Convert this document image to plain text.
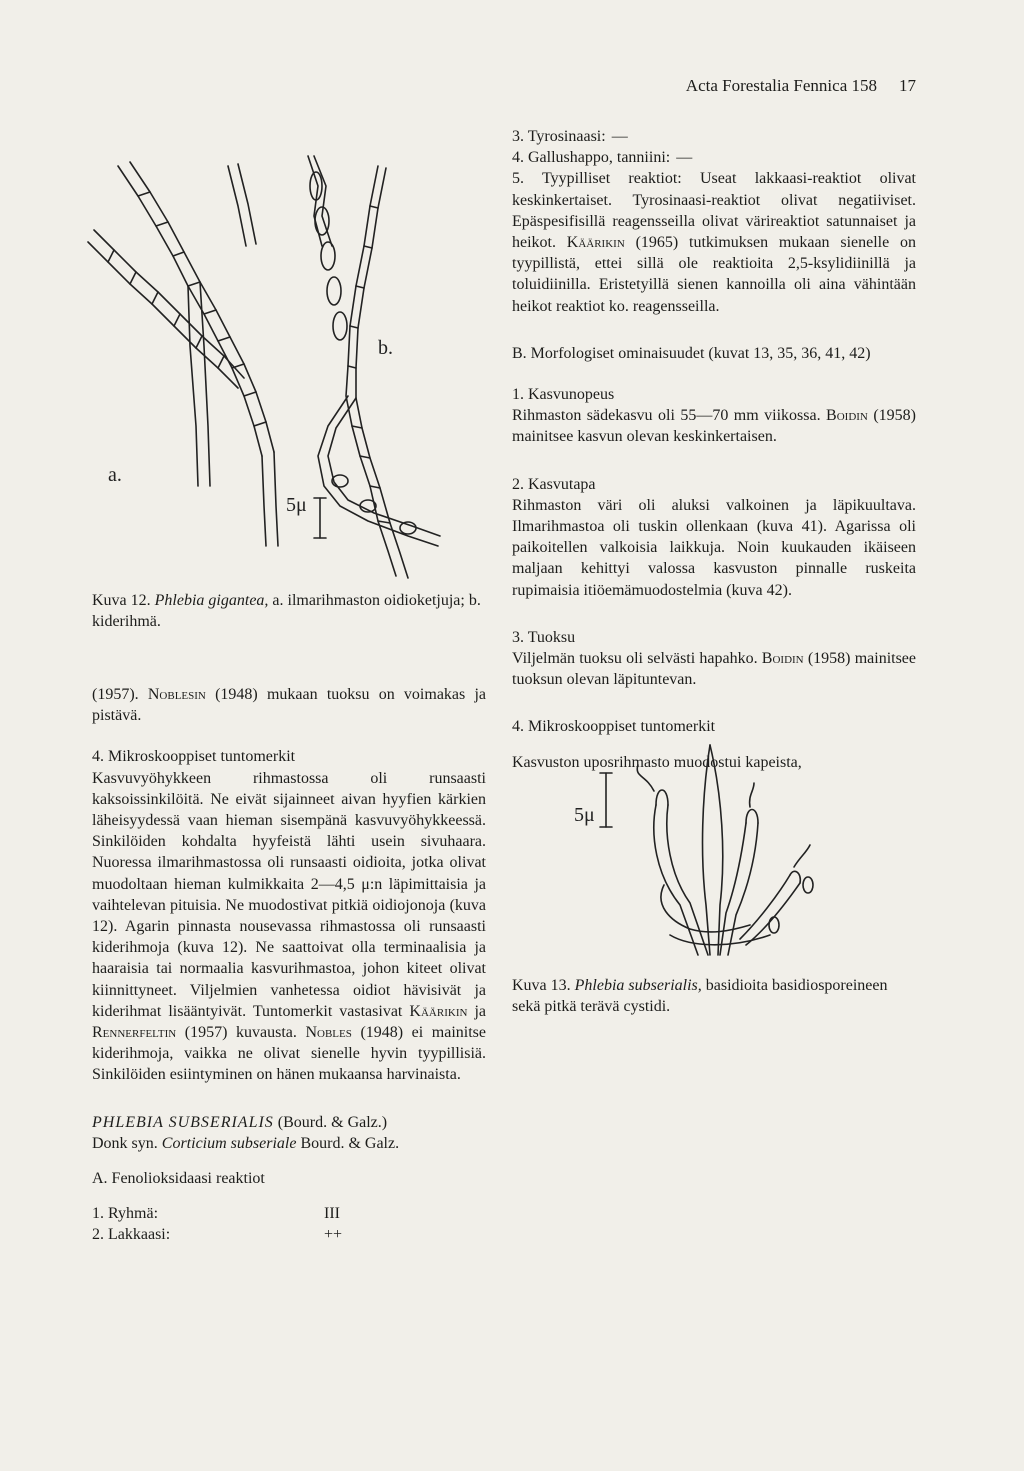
Acta Forestalia Fennica 158 17
a.
b.
5μ

Kuva 12. Phlebia gigantea, a. ilmarihmaston oidioketjuja; b. kiderihmä.

(1957). Noblesin (1948) mukaan tuoksu on voimakas ja pistävä.

4. Mikroskooppiset tuntomerkit

Kasvuvyöhykkeen rihmastossa oli runsaasti kaksoissinkilöitä. Ne eivät sijainneet aivan hyyfien kärkien läheisyydessä vaan hieman sisempänä kasvuvyöhykkeessä. Sinkilöiden kohdalta hyyfeistä lähti usein sivuhaara. Nuoressa ilmarihmastossa oli runsaasti oidioita, jotka olivat muodoltaan hieman kulmikkaita 2—4,5 μ:n läpimittaisia ja vaihtelevan pituisia. Ne muodostivat pitkiä oidiojonoja (kuva 12). Agarin pinnasta nousevassa rihmastossa oli runsaasti kiderihmoja (kuva 12). Ne saattoivat olla terminaalisia ja haaraisia tai normaalia kasvurihmastoa, johon kiteet olivat kiinnittyneet. Viljelmien vanhetessa oidiot hävisivät ja kiderihmat lisääntyivät. Tuntomerkit vastasivat Käärikin ja Rennerfeltin (1957) kuvausta. Nobles (1948) ei mainitse kiderihmoja, vaikka ne olivat sienelle hyvin tyypillisiä. Sinkilöiden esiintyminen on hänen mukaansa harvinaista.

PHLEBIA SUBSERIALIS (Bourd. & Galz.)
Donk syn. Corticium subseriale Bourd. & Galz.
A. Fenolioksidaasi reaktiot
1. Ryhmä:	III
2. Lakkaasi:	++
3. Tyrosinaasi: —
4. Gallushappo, tanniini: —

5. Tyypilliset reaktiot: Useat lakkaasi-reaktiot olivat keskinkertaiset. Tyrosinaasi-reaktiot olivat negatiiviset. Epäspesifisillä reagensseilla olivat värireaktiot satunnaiset ja heikot. Käärikin (1965) tutkimuksen mukaan sienelle on tyypillistä, ettei sillä ole reaktioita 2,5-ksylidiinillä ja toluidiinilla. Eristetyillä sienen kannoilla oli aina vähintään heikot reaktiot ko. reagensseilla.

B. Morfologiset ominaisuudet (kuvat 13, 35, 36, 41, 42)
1. Kasvunopeus

Rihmaston sädekasvu oli 55—70 mm viikossa. Boidin (1958) mainitsee kasvun olevan keskinkertaisen.

2. Kasvutapa

Rihmaston väri oli aluksi valkoinen ja läpikuultava. Ilmarihmastoa oli tuskin ollenkaan (kuva 41). Agarissa oli paikoitellen valkoisia laikkuja. Noin kuukauden ikäiseen maljaan kehittyi valossa kasvuston pinnalle ruskeita rupimaisia itiöemämuodostelmia (kuva 42).

3. Tuoksu

Viljelmän tuoksu oli selvästi hapahko. Boidin (1958) mainitsee tuoksun olevan läpituntevan.

4. Mikroskooppiset tuntomerkit

Kasvuston uposrihmasto muodostui kapeista,

5μ

Kuva 13. Phlebia subserialis, basidioita basidiosporeineen sekä pitkä terävä cystidi.
